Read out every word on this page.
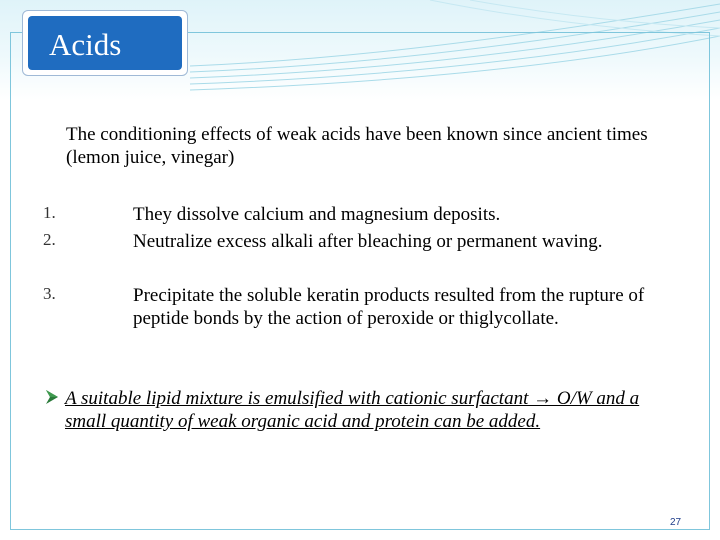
Acids
The conditioning effects of weak acids have been known since ancient times (lemon juice, vinegar)
1.	They dissolve calcium and magnesium deposits.
2.	Neutralize excess alkali after bleaching or permanent waving.
3.	Precipitate the soluble keratin products resulted from the rupture of peptide bonds by the action of peroxide or thiglycollate.
A suitable lipid mixture is emulsified with cationic surfactant → O/W and a small quantity of weak organic acid and protein can be added.
27
